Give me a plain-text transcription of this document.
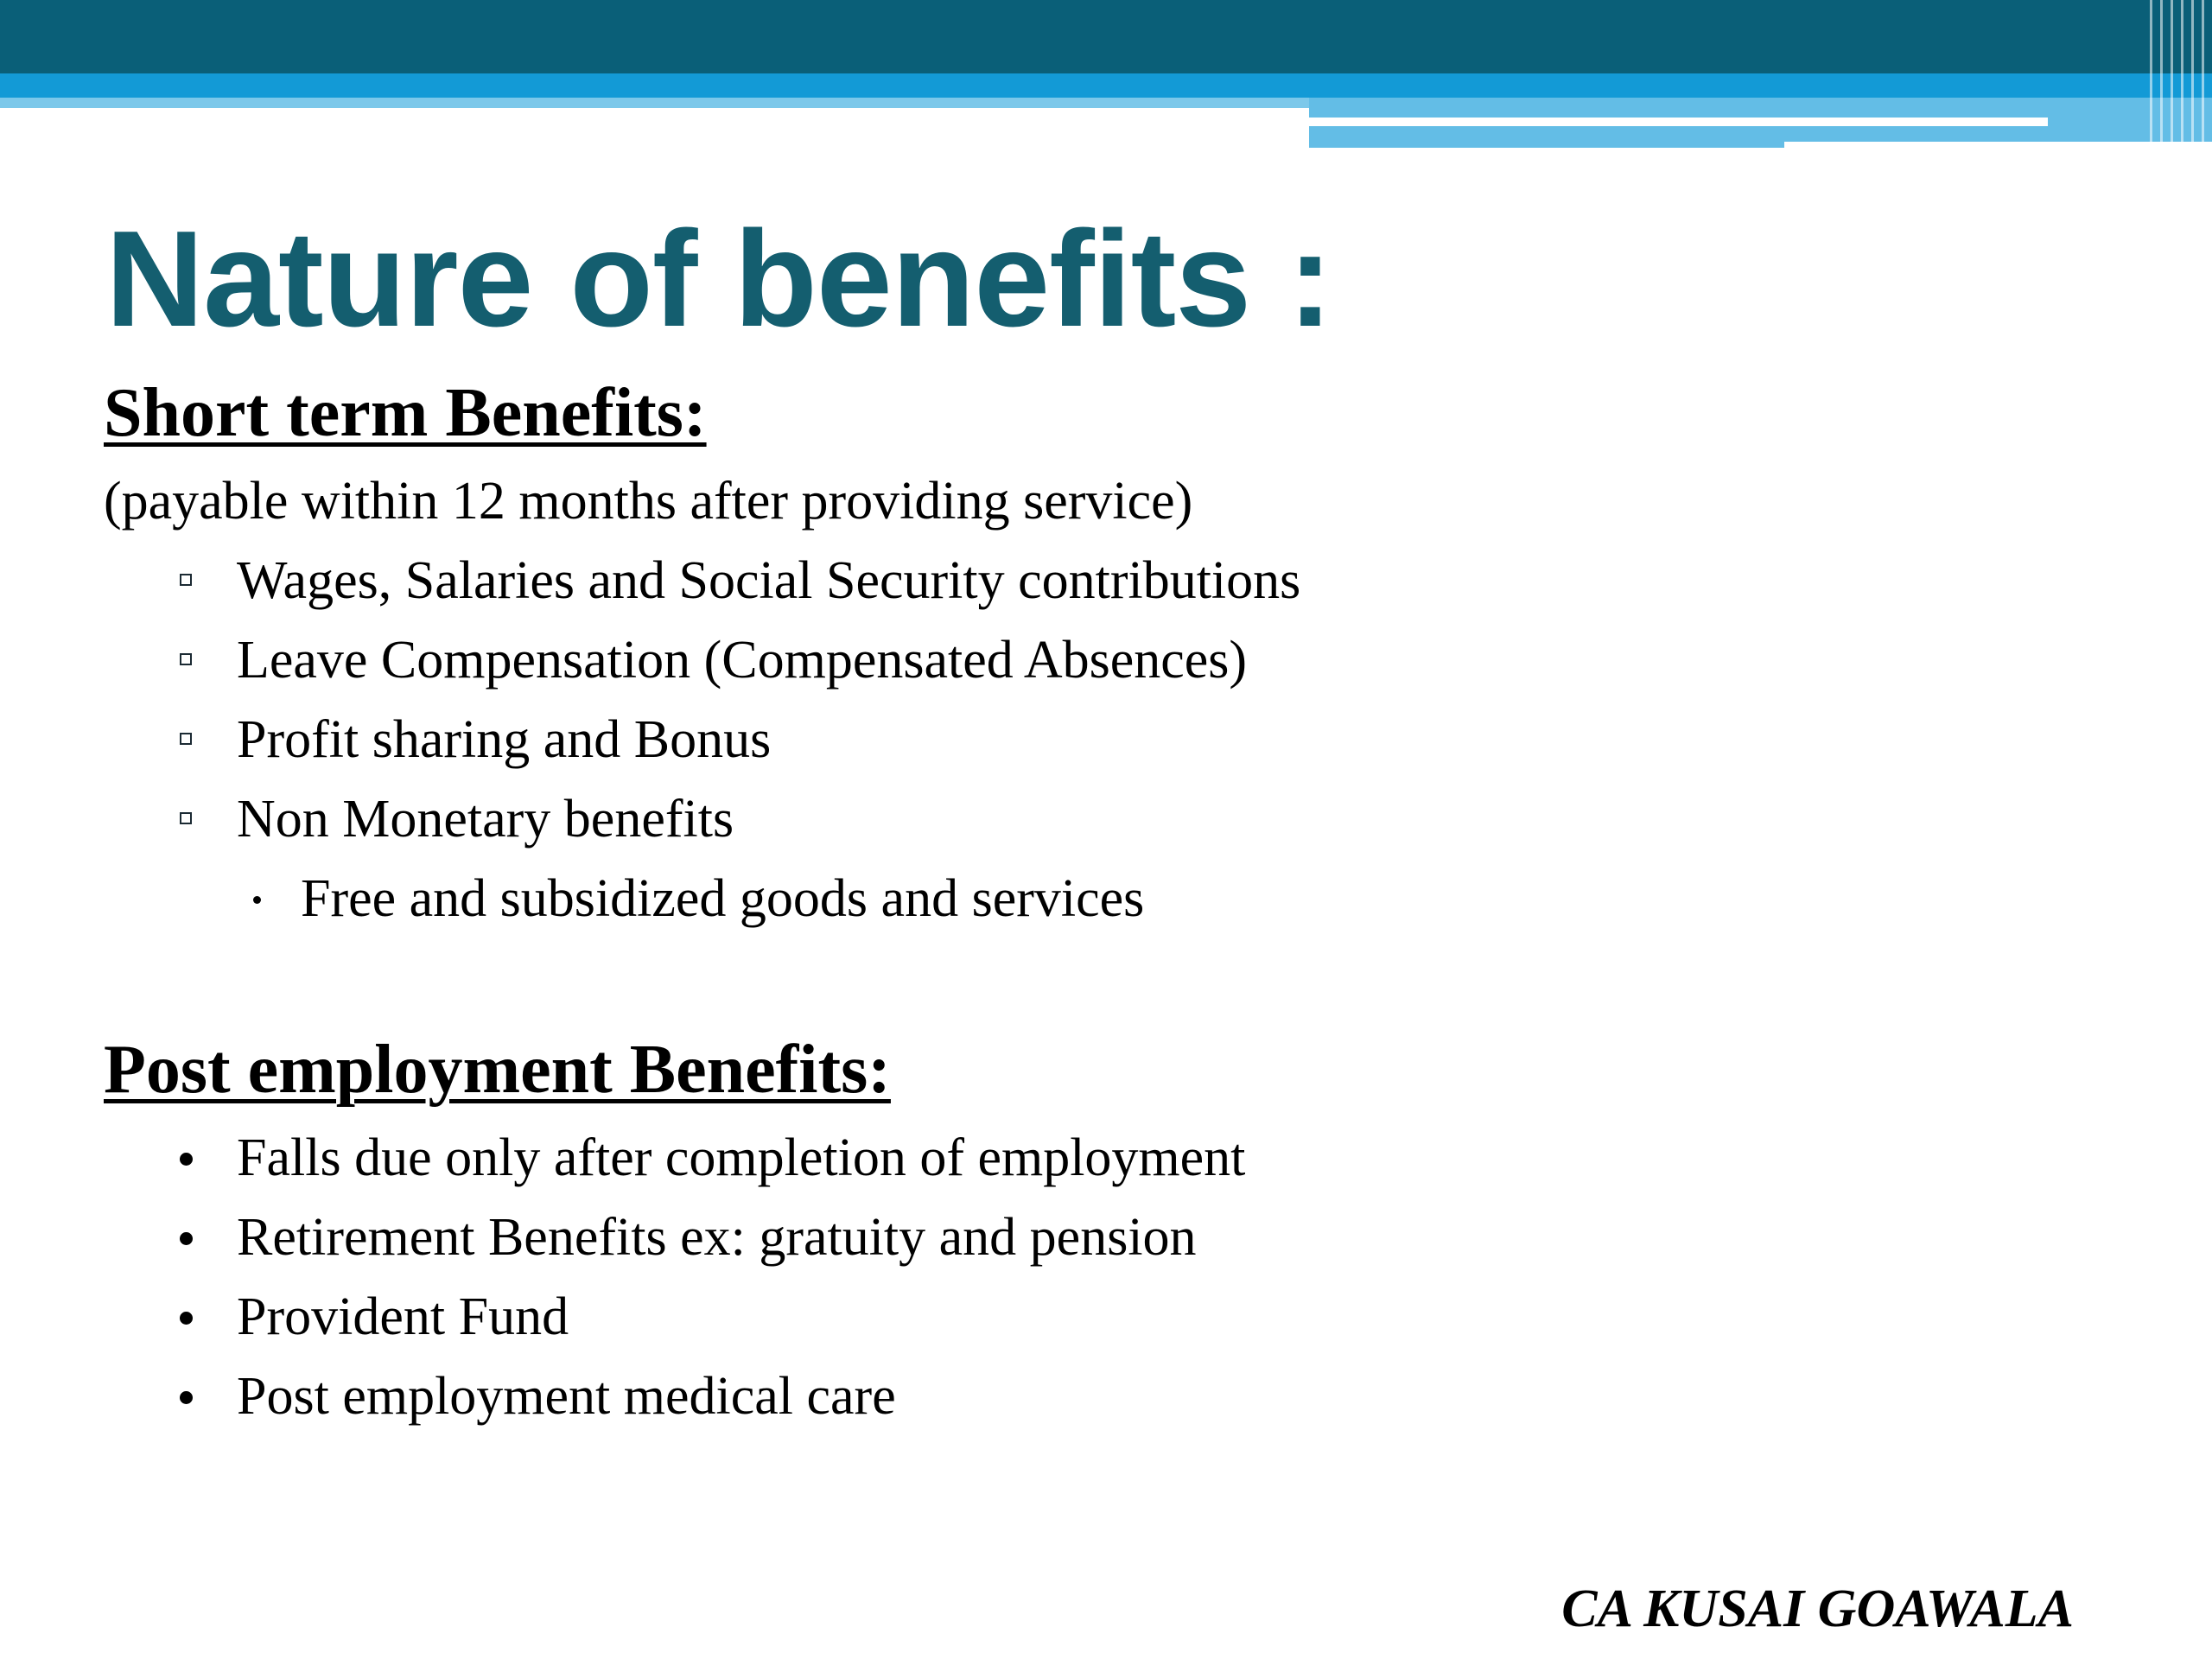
Nature of benefits :
Short term Benefits:
(payable within 12 months after providing service)
Wages, Salaries and Social Security contributions
Leave Compensation (Compensated Absences)
Profit sharing and Bonus
Non Monetary benefits
Free and subsidized goods and services
Post employment Benefits:
Falls due only after completion of employment
Retirement Benefits ex: gratuity and pension
Provident Fund
Post employment medical care
CA KUSAI GOAWALA
